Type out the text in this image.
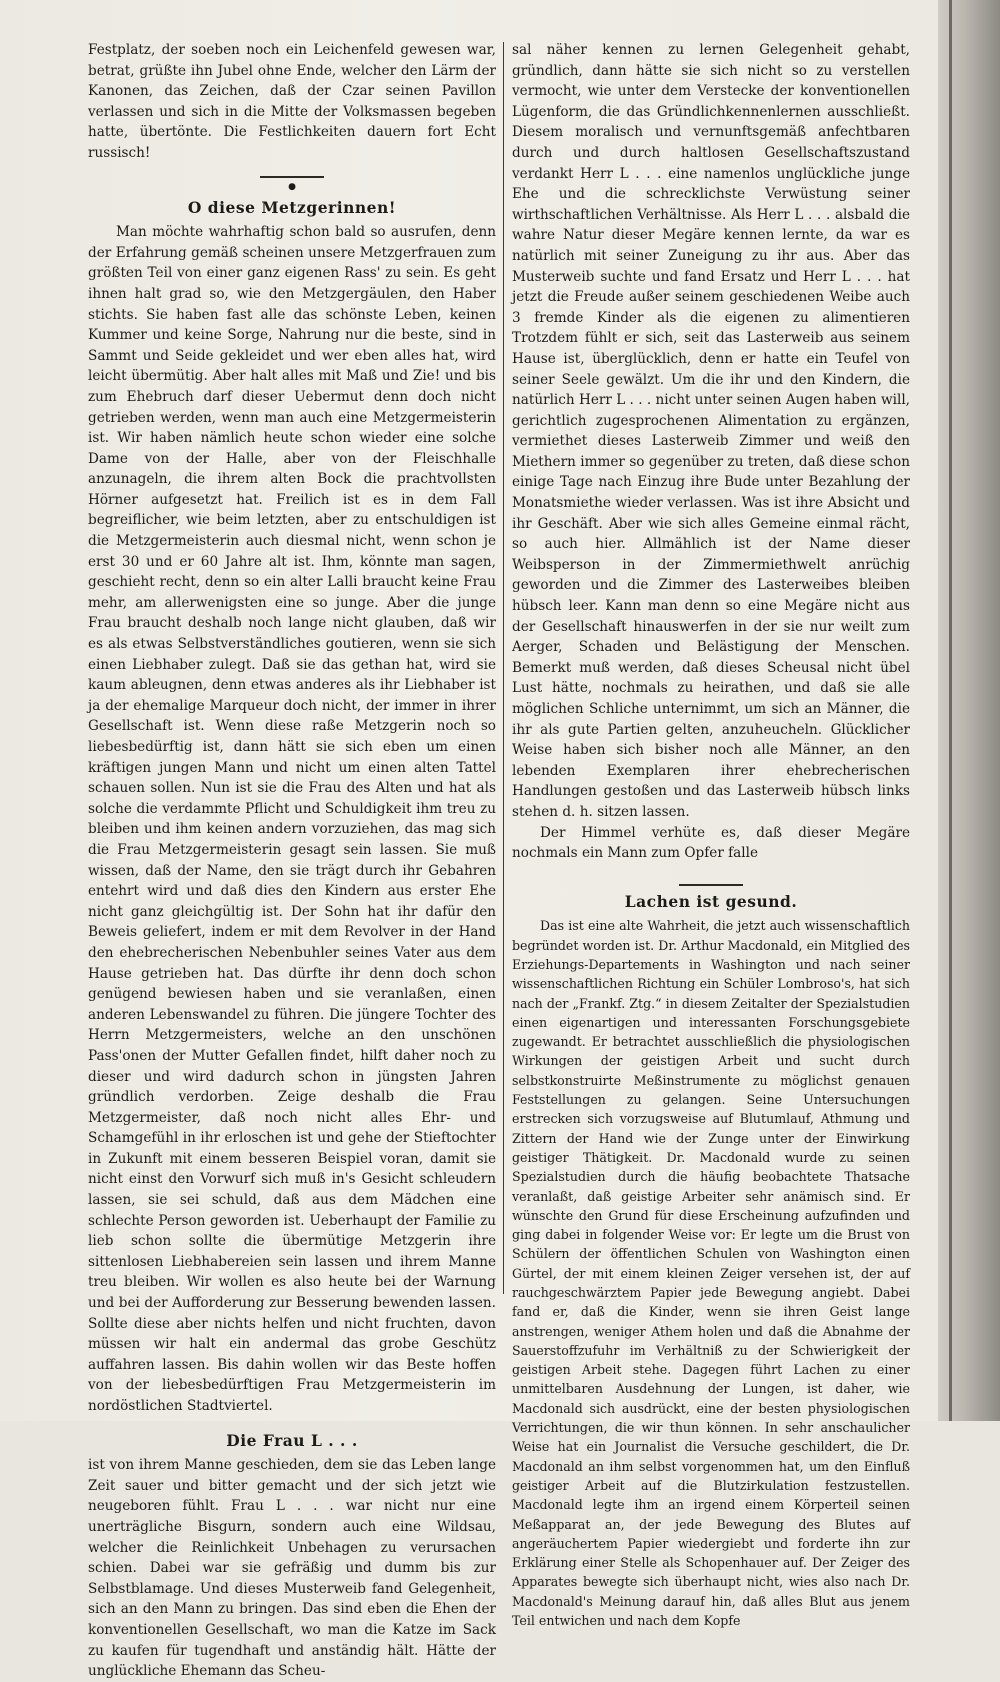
Festplatz, der soeben noch ein Leichenfeld gewesen war, betrat, grüßte ihn Jubel ohne Ende, welcher den Lärm der Kanonen, das Zeichen, daß der Czar seinen Pavillon verlassen und sich in die Mitte der Volksmassen begeben hatte, übertönte. Die Festlichkeiten dauern fort Echt russisch!

●
O diese Metzgerinnen!

Man möchte wahrhaftig schon bald so ausrufen, denn der Erfahrung gemäß scheinen unsere Metzgerfrauen zum größten Teil von einer ganz eigenen Rass' zu sein. Es geht ihnen halt grad so, wie den Metzgergäulen, den Haber stichts. Sie haben fast alle das schönste Leben, keinen Kummer und keine Sorge, Nahrung nur die beste, sind in Sammt und Seide gekleidet und wer eben alles hat, wird leicht übermütig. Aber halt alles mit Maß und Zie! und bis zum Ehebruch darf dieser Uebermut denn doch nicht getrieben werden, wenn man auch eine Metzgermeisterin ist. Wir haben nämlich heute schon wieder eine solche Dame von der Halle, aber von der Fleischhalle anzunageln, die ihrem alten Bock die prachtvollsten Hörner aufgesetzt hat. Freilich ist es in dem Fall begreiflicher, wie beim letzten, aber zu entschuldigen ist die Metzgermeisterin auch diesmal nicht, wenn schon je erst 30 und er 60 Jahre alt ist. Ihm, könnte man sagen, geschieht recht, denn so ein alter Lalli braucht keine Frau mehr, am allerwenigsten eine so junge. Aber die junge Frau braucht deshalb noch lange nicht glauben, daß wir es als etwas Selbstverständliches goutieren, wenn sie sich einen Liebhaber zulegt. Daß sie das gethan hat, wird sie kaum ableugnen, denn etwas anderes als ihr Liebhaber ist ja der ehemalige Marqueur doch nicht, der immer in ihrer Gesellschaft ist. Wenn diese raße Metzgerin noch so liebesbedürftig ist, dann hätt sie sich eben um einen kräftigen jungen Mann und nicht um einen alten Tattel schauen sollen. Nun ist sie die Frau des Alten und hat als solche die verdammte Pflicht und Schuldigkeit ihm treu zu bleiben und ihm keinen andern vorzuziehen, das mag sich die Frau Metzgermeisterin gesagt sein lassen. Sie muß wissen, daß der Name, den sie trägt durch ihr Gebahren entehrt wird und daß dies den Kindern aus erster Ehe nicht ganz gleichgültig ist. Der Sohn hat ihr dafür den Beweis geliefert, indem er mit dem Revolver in der Hand den ehebrecherischen Nebenbuhler seines Vater aus dem Hause getrieben hat. Das dürfte ihr denn doch schon genügend bewiesen haben und sie veranlaßen, einen anderen Lebenswandel zu führen. Die jüngere Tochter des Herrn Metzgermeisters, welche an den unschönen Pass'onen der Mutter Gefallen findet, hilft daher noch zu dieser und wird dadurch schon in jüngsten Jahren gründlich verdorben. Zeige deshalb die Frau Metzgermeister, daß noch nicht alles Ehr- und Schamgefühl in ihr erloschen ist und gehe der Stieftochter in Zukunft mit einem besseren Beispiel voran, damit sie nicht einst den Vorwurf sich muß in's Gesicht schleudern lassen, sie sei schuld, daß aus dem Mädchen eine schlechte Person geworden ist. Ueberhaupt der Familie zu lieb schon sollte die übermütige Metzgerin ihre sittenlosen Liebhabereien sein lassen und ihrem Manne treu bleiben. Wir wollen es also heute bei der Warnung und bei der Aufforderung zur Besserung bewenden lassen. Sollte diese aber nichts helfen und nicht fruchten, davon müssen wir halt ein andermal das grobe Geschütz auffahren lassen. Bis dahin wollen wir das Beste hoffen von der liebesbedürftigen Frau Metzgermeisterin im nordöstlichen Stadtviertel.

Die Frau L . . .

ist von ihrem Manne geschieden, dem sie das Leben lange Zeit sauer und bitter gemacht und der sich jetzt wie neugeboren fühlt. Frau L . . . war nicht nur eine unerträgliche Bisgurn, sondern auch eine Wildsau, welcher die Reinlichkeit Unbehagen zu verursachen schien. Dabei war sie gefräßig und dumm bis zur Selbstblamage. Und dieses Musterweib fand Gelegenheit, sich an den Mann zu bringen. Das sind eben die Ehen der konventionellen Gesellschaft, wo man die Katze im Sack zu kaufen für tugendhaft und anständig hält. Hätte der unglückliche Ehemann das Scheu-

sal näher kennen zu lernen Gelegenheit gehabt, gründlich, dann hätte sie sich nicht so zu verstellen vermocht, wie unter dem Verstecke der konventionellen Lügenform, die das Gründlichkennenlernen ausschließt. Diesem moralisch und vernunftsgemäß anfechtbaren durch und durch haltlosen Gesellschaftszustand verdankt Herr L . . . eine namenlos unglückliche junge Ehe und die schrecklichste Verwüstung seiner wirthschaftlichen Verhältnisse. Als Herr L . . . alsbald die wahre Natur dieser Megäre kennen lernte, da war es natürlich mit seiner Zuneigung zu ihr aus. Aber das Musterweib suchte und fand Ersatz und Herr L . . . hat jetzt die Freude außer seinem geschiedenen Weibe auch 3 fremde Kinder als die eigenen zu alimentieren Trotzdem fühlt er sich, seit das Lasterweib aus seinem Hause ist, überglücklich, denn er hatte ein Teufel von seiner Seele gewälzt. Um die ihr und den Kindern, die natürlich Herr L . . . nicht unter seinen Augen haben will, gerichtlich zugesprochenen Alimentation zu ergänzen, vermiethet dieses Lasterweib Zimmer und weiß den Miethern immer so gegenüber zu treten, daß diese schon einige Tage nach Einzug ihre Bude unter Bezahlung der Monatsmiethe wieder verlassen. Was ist ihre Absicht und ihr Geschäft. Aber wie sich alles Gemeine einmal rächt, so auch hier. Allmählich ist der Name dieser Weibsperson in der Zimmermiethwelt anrüchig geworden und die Zimmer des Lasterweibes bleiben hübsch leer. Kann man denn so eine Megäre nicht aus der Gesellschaft hinauswerfen in der sie nur weilt zum Aerger, Schaden und Belästigung der Menschen. Bemerkt muß werden, daß dieses Scheusal nicht übel Lust hätte, nochmals zu heirathen, und daß sie alle möglichen Schliche unternimmt, um sich an Männer, die ihr als gute Partien gelten, anzuheucheln. Glücklicher Weise haben sich bisher noch alle Männer, an den lebenden Exemplaren ihrer ehebrecherischen Handlungen gestoßen und das Lasterweib hübsch links stehen d. h. sitzen lassen.

Der Himmel verhüte es, daß dieser Megäre nochmals ein Mann zum Opfer falle

Lachen ist gesund.

Das ist eine alte Wahrheit, die jetzt auch wissenschaftlich begründet worden ist. Dr. Arthur Macdonald, ein Mitglied des Erziehungs-Departements in Washington und nach seiner wissenschaftlichen Richtung ein Schüler Lombroso's, hat sich nach der „Frankf. Ztg.“ in diesem Zeitalter der Spezialstudien einen eigenartigen und interessanten Forschungsgebiete zugewandt. Er betrachtet ausschließlich die physiologischen Wirkungen der geistigen Arbeit und sucht durch selbstkonstruirte Meßinstrumente zu möglichst genauen Feststellungen zu gelangen. Seine Untersuchungen erstrecken sich vorzugsweise auf Blutumlauf, Athmung und Zittern der Hand wie der Zunge unter der Einwirkung geistiger Thätigkeit. Dr. Macdonald wurde zu seinen Spezialstudien durch die häufig beobachtete Thatsache veranlaßt, daß geistige Arbeiter sehr anämisch sind. Er wünschte den Grund für diese Erscheinung aufzufinden und ging dabei in folgender Weise vor: Er legte um die Brust von Schülern der öffentlichen Schulen von Washington einen Gürtel, der mit einem kleinen Zeiger versehen ist, der auf rauchgeschwärztem Papier jede Bewegung angiebt. Dabei fand er, daß die Kinder, wenn sie ihren Geist lange anstrengen, weniger Athem holen und daß die Abnahme der Sauerstoffzufuhr im Verhältniß zu der Schwierigkeit der geistigen Arbeit stehe. Dagegen führt Lachen zu einer unmittelbaren Ausdehnung der Lungen, ist daher, wie Macdonald sich ausdrückt, eine der besten physiologischen Verrichtungen, die wir thun können. In sehr anschaulicher Weise hat ein Journalist die Versuche geschildert, die Dr. Macdonald an ihm selbst vorgenommen hat, um den Einfluß geistiger Arbeit auf die Blutzirkulation festzustellen. Macdonald legte ihm an irgend einem Körperteil seinen Meßapparat an, der jede Bewegung des Blutes auf angeräuchertem Papier wiedergiebt und forderte ihn zur Erklärung einer Stelle als Schopenhauer auf. Der Zeiger des Apparates bewegte sich überhaupt nicht, wies also nach Dr. Macdonald's Meinung darauf hin, daß alles Blut aus jenem Teil entwichen und nach dem Kopfe
